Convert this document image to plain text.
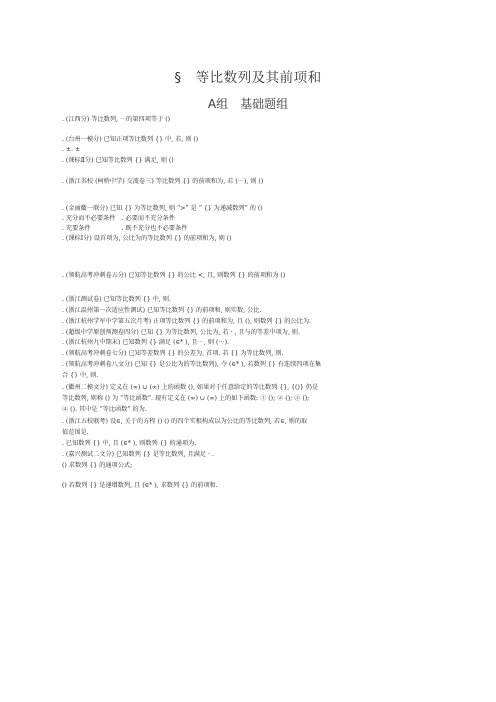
§　等比数列及其前项和
A组　基础题组
. (江西分) 等比数列, ⋯的第四项等于 ()
. (台州一模分) 已知正项等比数列 {} 中, 若, 则 ()
. ±. ±
. (课标Ⅱ分) 已知等比数列 {} 满足, 则 ()
. (浙江名校 (柯桥中学) 交流卷三) 等比数列 {} 的前项和为, 若 (⋯), 则 ()
. (金丽衢一联分) 已知 {} 为等比数列, 则 “>” 是 “ {} 为递减数列” 的 ()
. 充分而不必要条件　. 必要而不充分条件
. 充要条件　　　　　. 既不充分也不必要条件
. (课标Ⅰ分) 设首项为, 公比为的等比数列 {} 的前项和为, 则 ()
. (领航高考冲刺卷五分) 已知等比数列 {} 的公比 <, 且, 则数列 {} 的前项和为 ()
. (浙江测试卷) 已知等比数列 {} 中, 则.
. (浙江温州第一次适应性测试) 已知等比数列 {} 的前项和, 则实数, 公比.
. (浙江杭州学军中学第五次月考) 正项等比数列 {} 的前项和为, 且 (), 则数列 {} 的公比为.
. (超级中学原创预测卷四分) 已知 {} 为等比数列, 公比为, 若 · , 且与的等差中项为, 则.
. (浙江杭州九中期末) 已知数列 {} 满足 (∈* ), 且⋯, 则 (⋯).
. (领航高考冲刺卷七分) 已知等差数列 {} 的公差为, 首项. 若 {} 为等比数列, 则.
. (领航高考冲刺卷八文分) 已知 {} 是公比为的等比数列), 令 (∈* ), 若数列 {} 有连续四项在集
合 {} 中, 则.
. (衢州二模文分) 定义在 (∞) ∪ (∞) 上的函数 (), 如果对于任意给定的等比数列 {}, {()} 仍是
等比数列, 则称 () 为 “等比函数”. 现有定义在 (∞) ∪ (∞) 上的如下函数: ① (); ② (); ③ ();
④ (). 其中是 “等比函数” 的为.
. (浙江五校联考) 设∈, 关于的方程 () () 的四个实根构成以为公比的等比数列, 若∈, 则的取
值范围是.
. 已知数列 {} 中, 且 (∈* ), 则数列 {} 的通项为.
. (嘉兴测试二文分) 已知数列 {} 是等比数列, 且满足 · .
() 求数列 {} 的通项公式;
() 若数列 {} 是递增数列, 且 (∈* ), 求数列 {} 的前项和.
